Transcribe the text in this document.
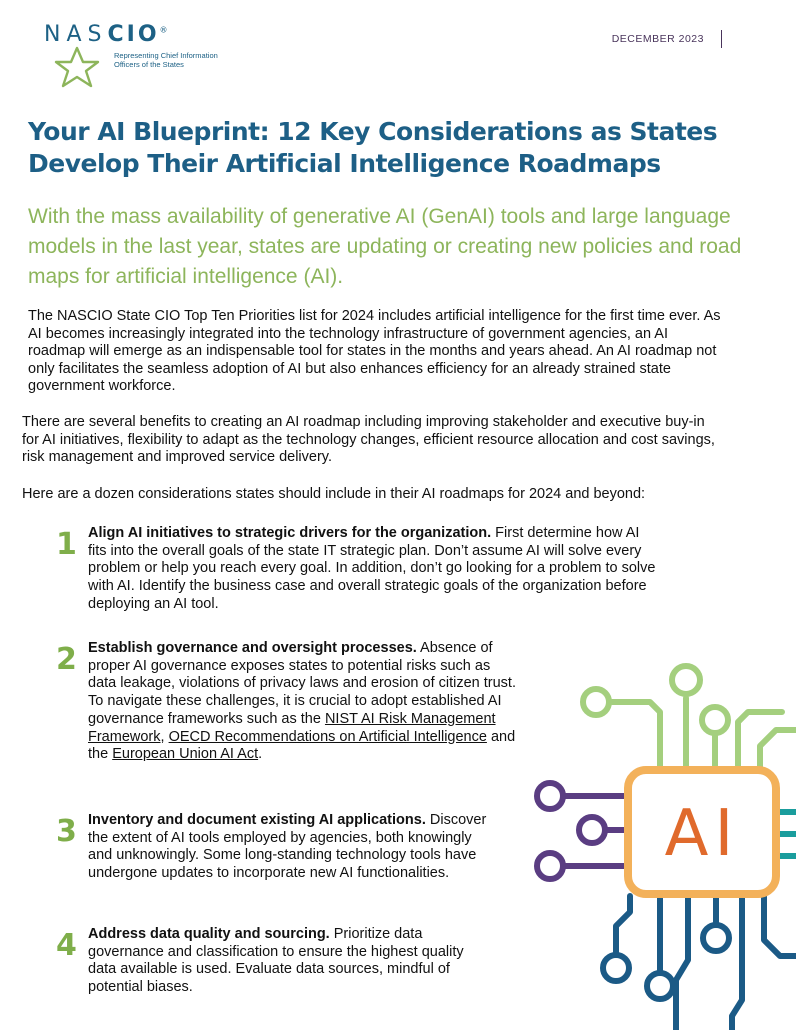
NASCIO®
Representing Chief Information Officers of the States
DECEMBER 2023
Your AI Blueprint: 12 Key Considerations as States Develop Their Artificial Intelligence Roadmaps

With the mass availability of generative AI (GenAI) tools and large language models in the last year, states are updating or creating new policies and road maps for artificial intelligence (AI).

The NASCIO State CIO Top Ten Priorities list for 2024 includes artificial intelligence for the first time ever. As AI becomes increasingly integrated into the technology infrastructure of government agencies, an AI roadmap will emerge as an indispensable tool for states in the months and years ahead. An AI roadmap not only facilitates the seamless adoption of AI but also enhances efficiency for an already strained state government workforce.

There are several benefits to creating an AI roadmap including improving stakeholder and executive buy-in for AI initiatives, flexibility to adapt as the technology changes, efficient resource allocation and cost savings, risk management and improved service delivery.

Here are a dozen considerations states should include in their AI roadmaps for 2024 and beyond:

1 Align AI initiatives to strategic drivers for the organization. First determine how AI fits into the overall goals of the state IT strategic plan. Don’t assume AI will solve every problem or help you reach every goal. In addition, don’t go looking for a problem to solve with AI. Identify the business case and overall strategic goals of the organization before deploying an AI tool.

2 Establish governance and oversight processes. Absence of proper AI governance exposes states to potential risks such as data leakage, violations of privacy laws and erosion of citizen trust. To navigate these challenges, it is crucial to adopt established AI governance frameworks such as the NIST AI Risk Management Framework, OECD Recommendations on Artificial Intelligence and the European Union AI Act.

3 Inventory and document existing AI applications. Discover the extent of AI tools employed by agencies, both knowingly and unknowingly. Some long-standing technology tools have undergone updates to incorporate new AI functionalities.

4 Address data quality and sourcing. Prioritize data governance and classification to ensure the highest quality data available is used. Evaluate data sources, mindful of potential biases.

AI
